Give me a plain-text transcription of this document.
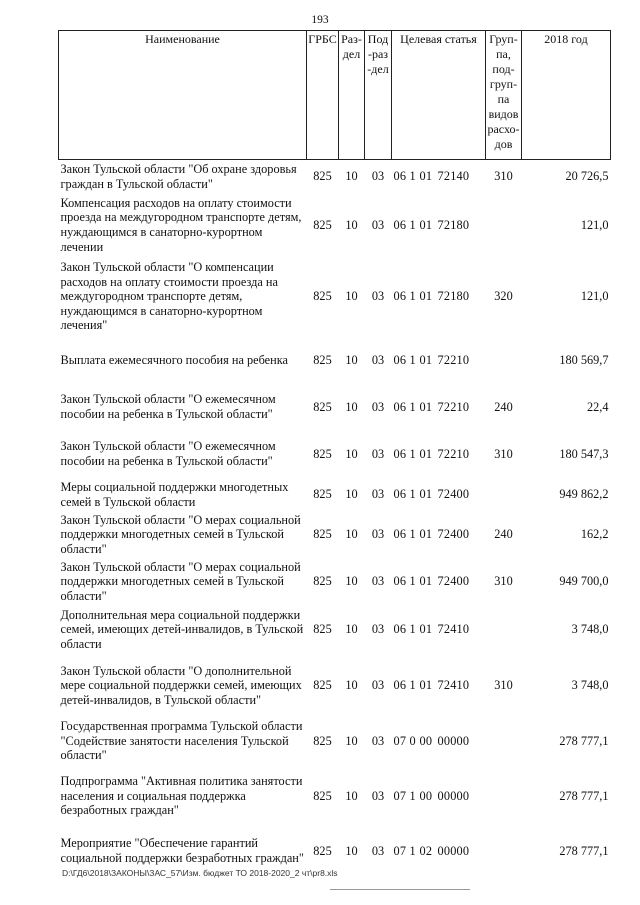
193
Наименование	ГРБС	Раз-дел	Под-раз-дел	Целевая статья	Груп-па, под-груп-па видов расхо-дов	2018 год
Закон Тульской области "Об охране здоровья граждан в Тульской области"	825	10	03	06 1 01 72140	310	20 726,5
Компенсация расходов на оплату стоимости проезда на междугородном транспорте детям, нуждающимся в санаторно-курортном лечении	825	10	03	06 1 01 72180		121,0
Закон Тульской области "О компенсации расходов на оплату стоимости проезда на междугородном транспорте детям, нуждающимся в санаторно-курортном лечения"	825	10	03	06 1 01 72180	320	121,0
Выплата ежемесячного пособия на ребенка	825	10	03	06 1 01 72210		180 569,7
Закон Тульской области "О ежемесячном пособии на ребенка в Тульской области"	825	10	03	06 1 01 72210	240	22,4
Закон Тульской области "О ежемесячном пособии на ребенка в Тульской области"	825	10	03	06 1 01 72210	310	180 547,3
Меры социальной поддержки многодетных семей в Тульской области	825	10	03	06 1 01 72400		949 862,2
Закон Тульской области "О мерах социальной поддержки многодетных семей в Тульской области"	825	10	03	06 1 01 72400	240	162,2
Закон Тульской области "О мерах социальной поддержки многодетных семей в Тульской области"	825	10	03	06 1 01 72400	310	949 700,0
Дополнительная мера социальной поддержки семей, имеющих детей-инвалидов, в Тульской области	825	10	03	06 1 01 72410		3 748,0
Закон Тульской области "О дополнительной мере социальной поддержки семей, имеющих детей-инвалидов, в Тульской области"	825	10	03	06 1 01 72410	310	3 748,0
Государственная программа Тульской области "Содействие занятости населения Тульской области"	825	10	03	07 0 00 00000		278 777,1
Подпрограмма "Активная политика занятости населения и социальная поддержка безработных граждан"	825	10	03	07 1 00 00000		278 777,1
Мероприятие "Обеспечение гарантий социальной поддержки безработных граждан"	825	10	03	07 1 02 00000		278 777,1
D:\ГД6\2018\ЗАКОНЫ\ЗАС_57\Изм. бюджет ТО 2018-2020_2 чт\pr8.xls
